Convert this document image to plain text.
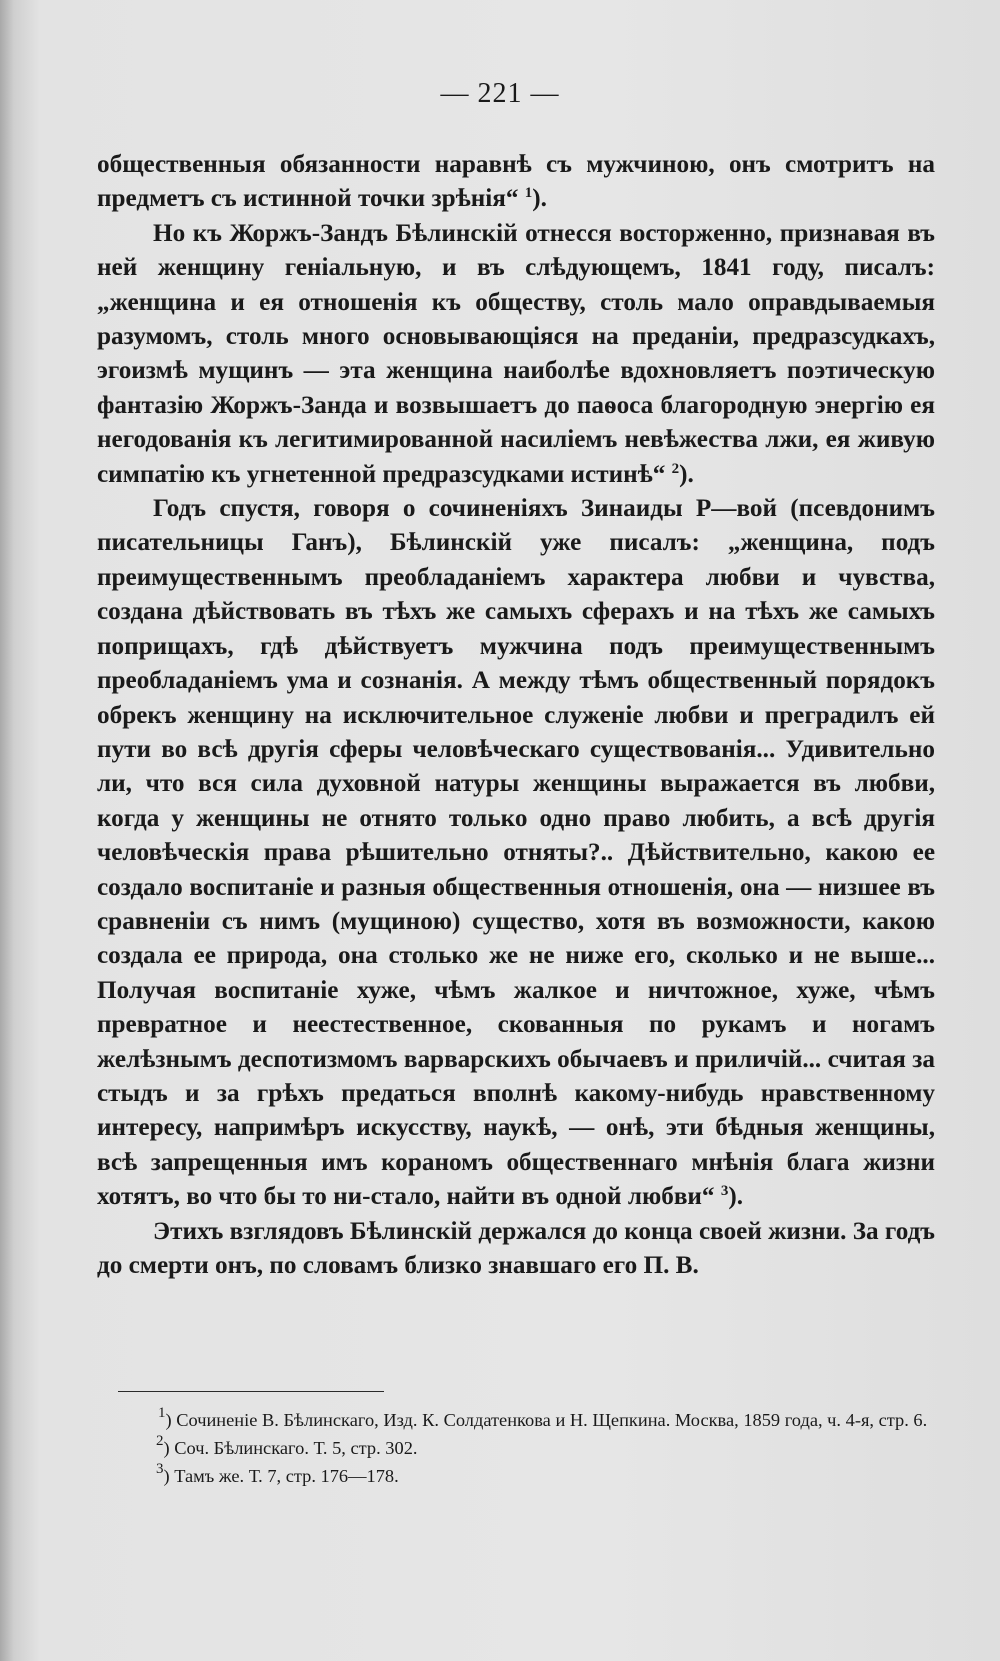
— 221 —

общественныя обязанности наравнѣ съ мужчиною, онъ смотритъ на предметъ съ истинной точки зрѣнія“ $^1$).

Но къ Жоржъ-Зандъ Бѣлинскій отнесся восторженно, признавая въ ней женщину геніальную, и въ слѣдующемъ, 1841 году, писалъ: „женщина и ея отношенія къ обществу, столь мало оправдываемыя разумомъ, столь много основывающіяся на преданіи, предразсудкахъ, эгоизмѣ мущинъ — эта женщина наиболѣе вдохновляетъ поэтическую фантазію Жоржъ-Занда и возвышаетъ до паѳоса благородную энергію ея негодованія къ легитимированной насиліемъ невѣжества лжи, ея живую симпатію къ угнетенной предразсудками истинѣ“ $^2$).

Годъ спустя, говоря о сочиненіяхъ Зинаиды Р—вой (псевдонимъ писательницы Ганъ), Бѣлинскій уже писалъ: „женщина, подъ преимущественнымъ преобладаніемъ характера любви и чувства, создана дѣйствовать въ тѣхъ же самыхъ сферахъ и на тѣхъ же самыхъ поприщахъ, гдѣ дѣйствуетъ мужчина подъ преимущественнымъ преобладаніемъ ума и сознанія. А между тѣмъ общественный порядокъ обрекъ женщину на исключительное служеніе любви и преградилъ ей пути во всѣ другія сферы человѣческаго существованія... Удивительно ли, что вся сила духовной натуры женщины выражается въ любви, когда у женщины не отнято только одно право любить, а всѣ другія человѣческія права рѣшительно отняты?.. Дѣйствительно, какою ее создало воспитаніе и разныя общественныя отношенія, она — низшее въ сравненіи съ нимъ (мущиною) существо, хотя въ возможности, какою создала ее природа, она столько же не ниже его, сколько и не выше... Получая воспитаніе хуже, чѣмъ жалкое и ничтожное, хуже, чѣмъ превратное и неестественное, скованныя по рукамъ и ногамъ желѣзнымъ деспотизмомъ варварскихъ обычаевъ и приличій... считая за стыдъ и за грѣхъ предаться вполнѣ какому-нибудь нравственному интересу, напримѣръ искусству, наукѣ, — онѣ, эти бѣдныя женщины, всѣ запрещенныя имъ кораномъ общественнаго мнѣнія блага жизни хотятъ, во что бы то ни-стало, найти въ одной любви“ $^3$).

Этихъ взглядовъ Бѣлинскій держался до конца своей жизни. За годъ до смерти онъ, по словамъ близко знавшаго его П. В.

$^1$) Сочиненіе В. Бѣлинскаго, Изд. К. Солдатенкова и Н. Щепкина. Москва, 1859 года, ч. 4-я, стр. 6.

$^2$) Соч. Бѣлинскаго. Т. 5, стр. 302.

$^3$) Тамъ же. Т. 7, стр. 176—178.
